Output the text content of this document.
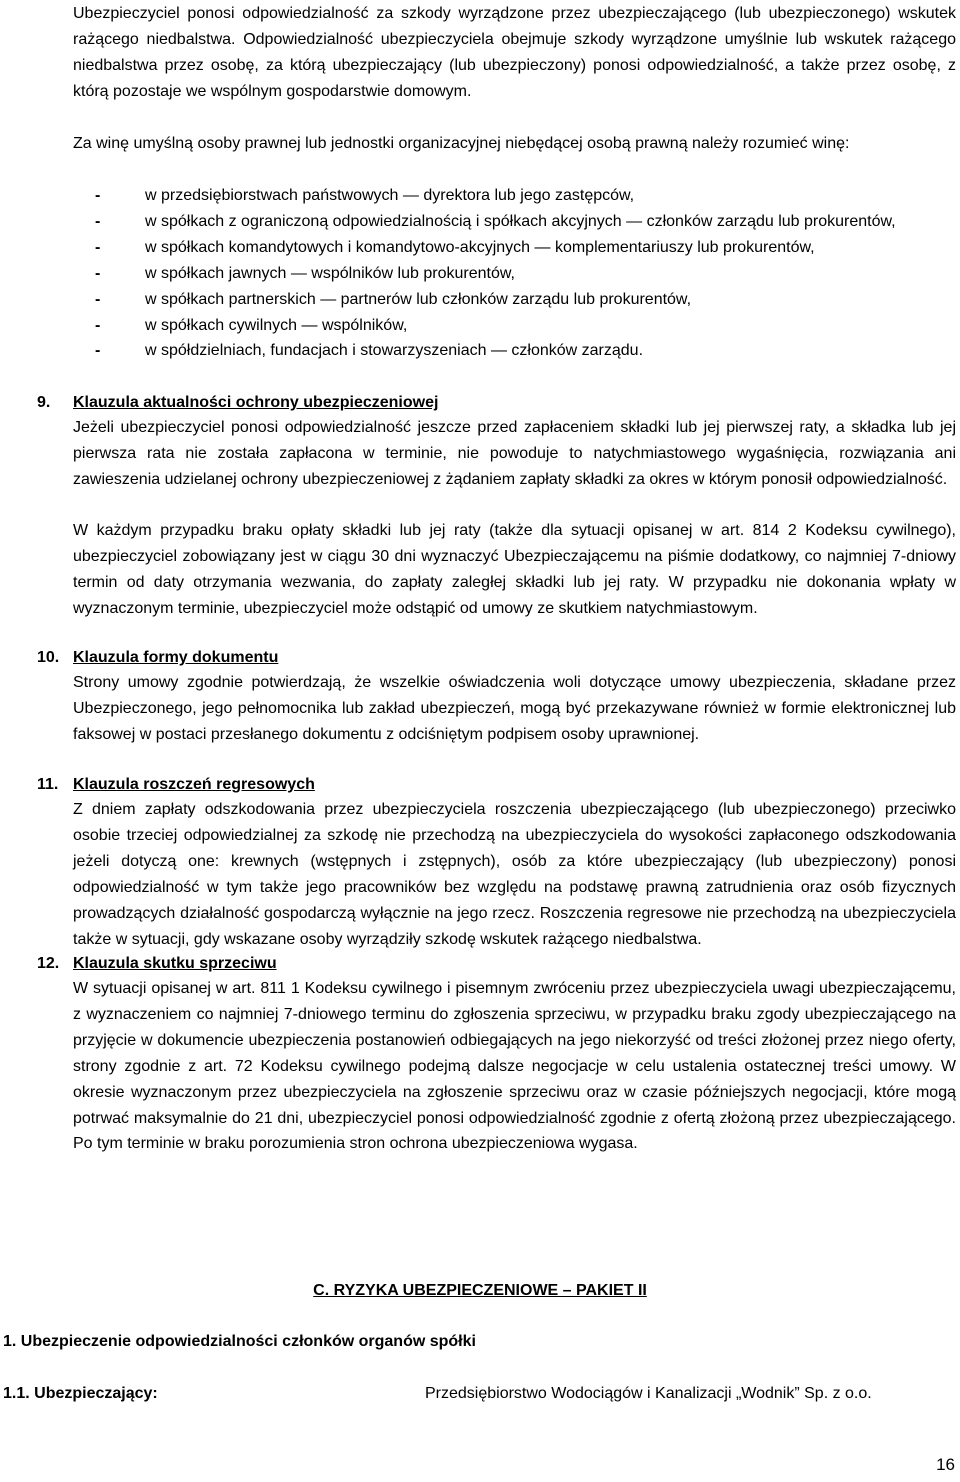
Ubezpieczyciel ponosi odpowiedzialność za szkody wyrządzone przez ubezpieczającego (lub ubezpieczonego) wskutek rażącego niedbalstwa. Odpowiedzialność ubezpieczyciela obejmuje szkody wyrządzone umyślnie lub wskutek rażącego niedbalstwa przez osobę, za którą ubezpieczający (lub ubezpieczony) ponosi odpowiedzialność, a także przez osobę, z którą pozostaje we wspólnym gospodarstwie domowym.

Za winę umyślną osoby prawnej lub jednostki organizacyjnej niebędącej osobą prawną należy rozumieć winę:

-	w przedsiębiorstwach państwowych — dyrektora lub jego zastępców,
-	w spółkach z ograniczoną odpowiedzialnością i spółkach akcyjnych — członków zarządu lub prokurentów,
-	w spółkach komandytowych i komandytowo-akcyjnych — komplementariuszy lub prokurentów,
-	w spółkach jawnych — wspólników lub prokurentów,
-	w spółkach partnerskich — partnerów lub członków zarządu lub prokurentów,
-	w spółkach cywilnych — wspólników,
-	w spółdzielniach, fundacjach i stowarzyszeniach — członków zarządu.
9. Klauzula aktualności ochrony ubezpieczeniowej

Jeżeli ubezpieczyciel ponosi odpowiedzialność jeszcze przed zapłaceniem składki lub jej pierwszej raty, a składka lub jej pierwsza rata nie została zapłacona w terminie, nie powoduje to natychmiastowego wygaśnięcia, rozwiązania ani zawieszenia udzielanej ochrony ubezpieczeniowej z żądaniem zapłaty składki za okres w którym ponosił odpowiedzialność.

W każdym przypadku braku opłaty składki lub jej raty (także dla sytuacji opisanej w art. 814 2 Kodeksu cywilnego), ubezpieczyciel zobowiązany jest w ciągu 30 dni wyznaczyć Ubezpieczającemu na piśmie dodatkowy, co najmniej 7-dniowy termin od daty otrzymania wezwania, do zapłaty zaległej składki lub jej raty. W przypadku nie dokonania wpłaty w wyznaczonym terminie, ubezpieczyciel może odstąpić od umowy ze skutkiem natychmiastowym.

10. Klauzula formy dokumentu

Strony umowy zgodnie potwierdzają, że wszelkie oświadczenia woli dotyczące umowy ubezpieczenia, składane przez Ubezpieczonego, jego pełnomocnika lub zakład ubezpieczeń, mogą być przekazywane również w formie elektronicznej lub faksowej w postaci przesłanego dokumentu z odciśniętym podpisem osoby uprawnionej.

11. Klauzula roszczeń regresowych

Z dniem zapłaty odszkodowania przez ubezpieczyciela roszczenia ubezpieczającego (lub ubezpieczonego) przeciwko osobie trzeciej odpowiedzialnej za szkodę nie przechodzą na ubezpieczyciela do wysokości zapłaconego odszkodowania jeżeli dotyczą one: krewnych (wstępnych i zstępnych), osób za które ubezpieczający (lub ubezpieczony) ponosi odpowiedzialność w tym także jego pracowników bez względu na podstawę prawną zatrudnienia oraz osób fizycznych prowadzących działalność gospodarczą wyłącznie na jego rzecz. Roszczenia regresowe nie przechodzą na ubezpieczyciela także w sytuacji, gdy wskazane osoby wyrządziły szkodę wskutek rażącego niedbalstwa.

12. Klauzula skutku sprzeciwu

W sytuacji opisanej w art. 811 1 Kodeksu cywilnego i pisemnym zwróceniu przez ubezpieczyciela uwagi ubezpieczającemu, z wyznaczeniem co najmniej 7-dniowego terminu do zgłoszenia sprzeciwu, w przypadku braku zgody ubezpieczającego na przyjęcie w dokumencie ubezpieczenia postanowień odbiegających na jego niekorzyść od treści złożonej przez niego oferty, strony zgodnie z art. 72 Kodeksu cywilnego podejmą dalsze negocjacje w celu ustalenia ostatecznej treści umowy. W okresie wyznaczonym przez ubezpieczyciela na zgłoszenie sprzeciwu oraz w czasie późniejszych negocjacji, które mogą potrwać maksymalnie do 21 dni, ubezpieczyciel ponosi odpowiedzialność zgodnie z ofertą złożoną przez ubezpieczającego. Po tym terminie w braku porozumienia stron ochrona ubezpieczeniowa wygasa.

C. RYZYKA UBEZPIECZENIOWE – PAKIET II
1. Ubezpieczenie odpowiedzialności członków organów spółki
1.1. Ubezpieczający:	Przedsiębiorstwo Wodociągów i Kanalizacji „Wodnik” Sp. z o.o.
16
